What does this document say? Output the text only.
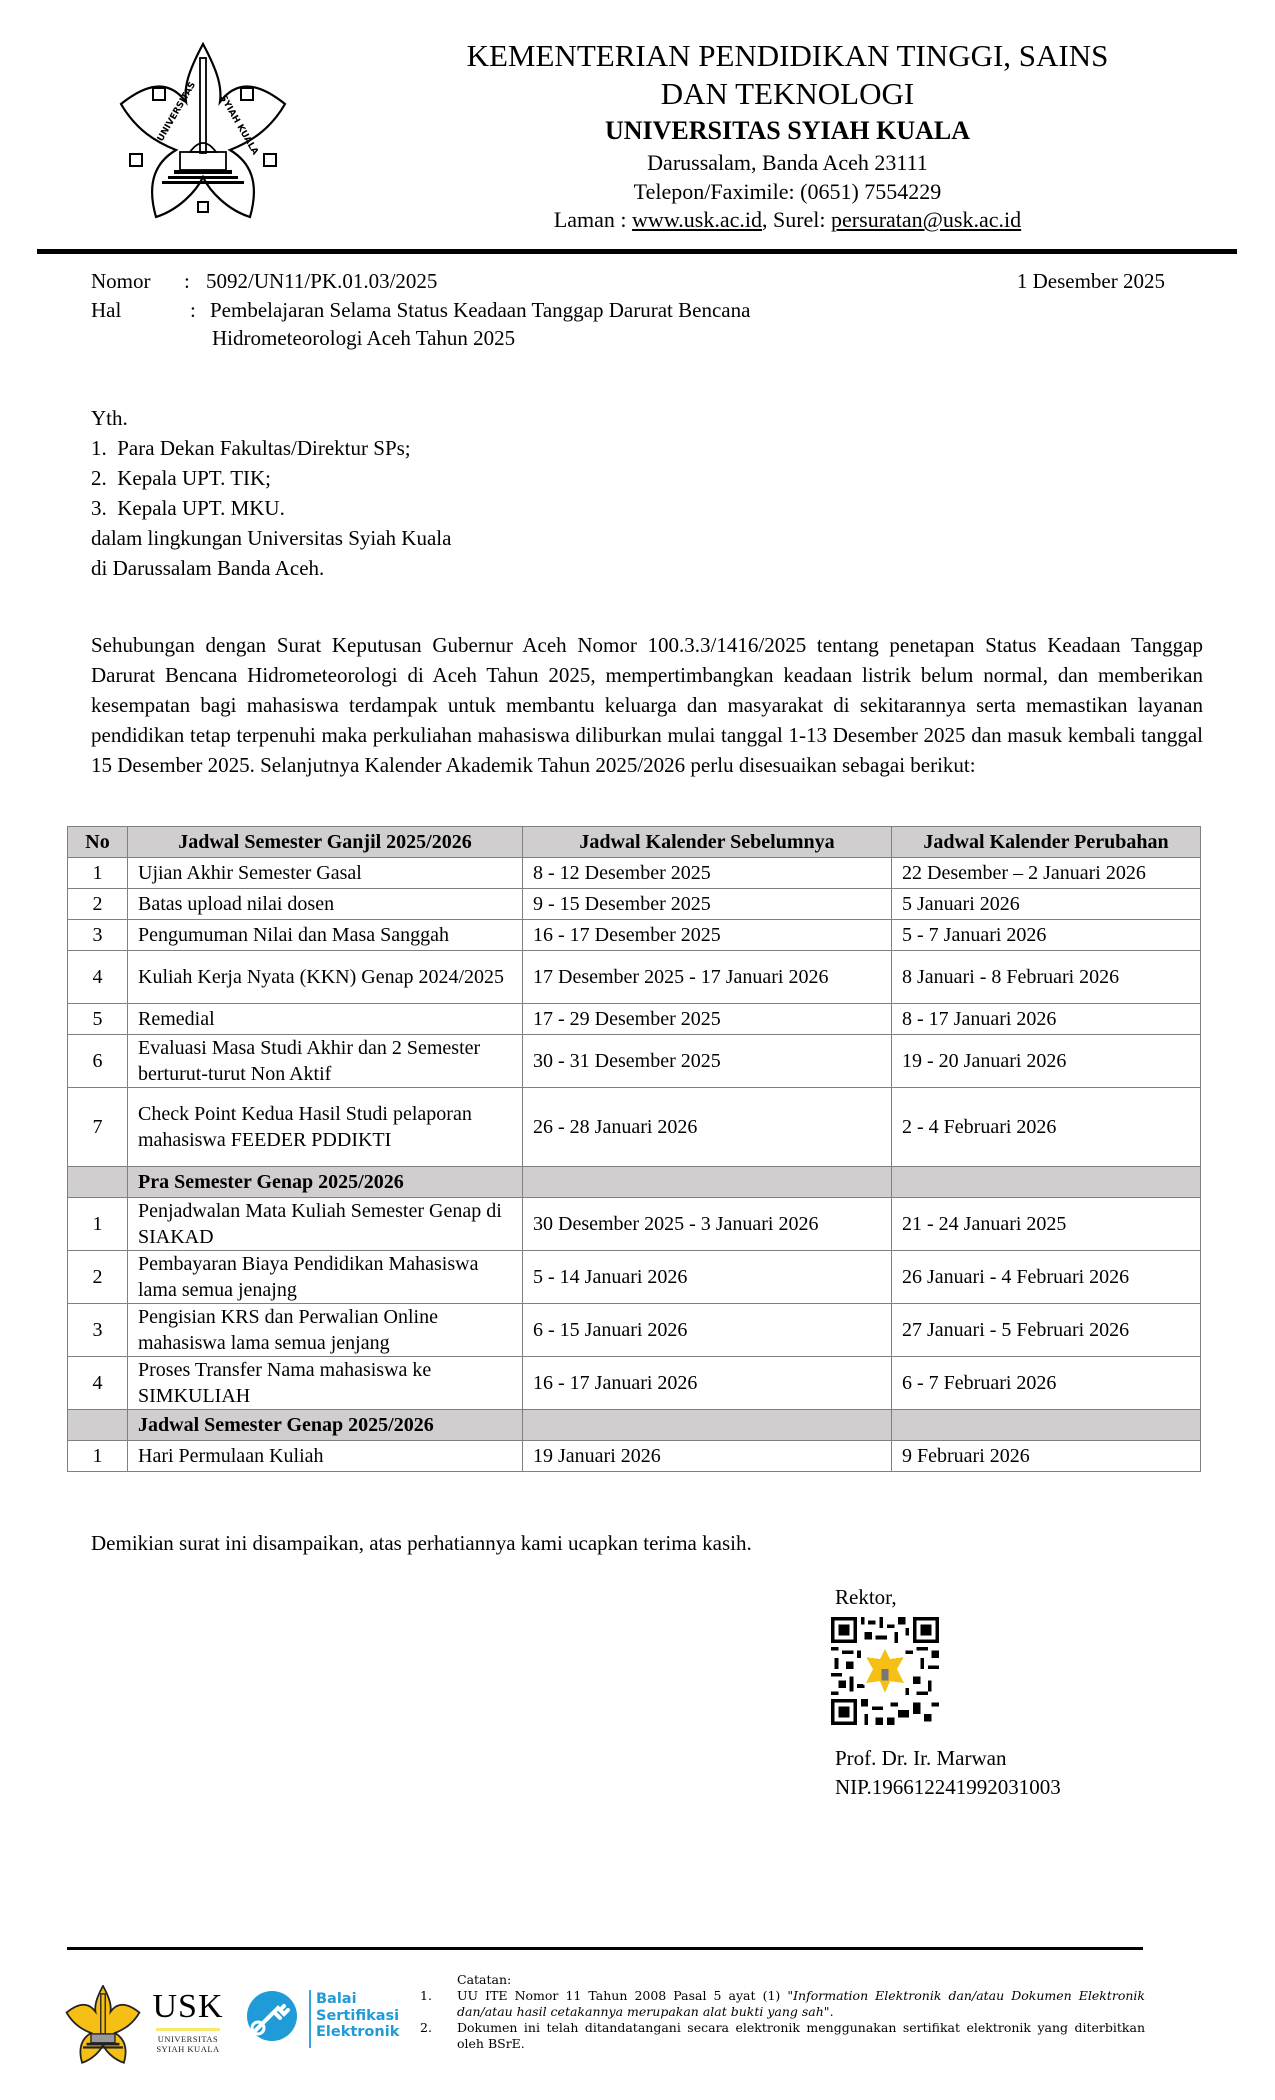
UNIVERSITAS SYIAH KUALA
KEMENTERIAN PENDIDIKAN TINGGI, SAINS
DAN TEKNOLOGI
UNIVERSITAS SYIAH KUALA
Darussalam, Banda Aceh 23111
Telepon/Faximile: (0651) 7554229
Laman : www.usk.ac.id, Surel: persuratan@usk.ac.id
Nomor : 5092/UN11/PK.01.03/2025	1 Desember 2025
Hal	: Pembelajaran Selama Status Keadaan Tanggap Darurat Bencana
Hidrometeorologi Aceh Tahun 2025
Yth.
1. Para Dekan Fakultas/Direktur SPs;
2. Kepala UPT. TIK;
3. Kepala UPT. MKU.
dalam lingkungan Universitas Syiah Kuala
di Darussalam Banda Aceh.
Sehubungan dengan Surat Keputusan Gubernur Aceh Nomor 100.3.3/1416/2025 tentang penetapan Status Keadaan Tanggap Darurat Bencana Hidrometeorologi di Aceh Tahun 2025, mempertimbangkan keadaan listrik belum normal, dan memberikan kesempatan bagi mahasiswa terdampak untuk membantu keluarga dan masyarakat di sekitarannya serta memastikan layanan pendidikan tetap terpenuhi maka perkuliahan mahasiswa diliburkan mulai tanggal 1-13 Desember 2025 dan masuk kembali tanggal 15 Desember 2025. Selanjutnya Kalender Akademik Tahun 2025/2026 perlu disesuaikan sebagai berikut:
No	Jadwal Semester Ganjil 2025/2026	Jadwal Kalender Sebelumnya	Jadwal Kalender Perubahan
1	Ujian Akhir Semester Gasal	8 - 12 Desember 2025	22 Desember – 2 Januari 2026
2	Batas upload nilai dosen	9 - 15 Desember 2025	5 Januari 2026
3	Pengumuman Nilai dan Masa Sanggah	16 - 17 Desember 2025	5 - 7 Januari 2026
4	Kuliah Kerja Nyata (KKN) Genap 2024/2025	17 Desember 2025 - 17 Januari 2026	8 Januari - 8 Februari 2026
5	Remedial	17 - 29 Desember 2025	8 - 17 Januari 2026
6	Evaluasi Masa Studi Akhir dan 2 Semester berturut-turut Non Aktif	30 - 31 Desember 2025	19 - 20 Januari 2026
7	Check Point Kedua Hasil Studi pelaporan mahasiswa FEEDER PDDIKTI	26 - 28 Januari 2026	2 - 4 Februari 2026
	Pra Semester Genap 2025/2026		
1	Penjadwalan Mata Kuliah Semester Genap di SIAKAD	30 Desember 2025 - 3 Januari 2026	21 - 24 Januari 2025
2	Pembayaran Biaya Pendidikan Mahasiswa lama semua jenajng	5 - 14 Januari 2026	26 Januari - 4 Februari 2026
3	Pengisian KRS dan Perwalian Online mahasiswa lama semua jenjang	6 - 15 Januari 2026	27 Januari - 5 Februari 2026
4	Proses Transfer Nama mahasiswa ke SIMKULIAH	16 - 17 Januari 2026	6 - 7 Februari 2026
	Jadwal Semester Genap 2025/2026		
1	Hari Permulaan Kuliah	19 Januari 2026	9 Februari 2026
Demikian surat ini disampaikan, atas perhatiannya kami ucapkan terima kasih.
Rektor,
Prof. Dr. Ir. Marwan
NIP.196612241992031003
USK
UNIVERSITAS
SYIAH KUALA
Balai
Sertifikasi
Elektronik
Catatan:
1.	UU ITE Nomor 11 Tahun 2008 Pasal 5 ayat (1) "Information Elektronik dan/atau Dokumen Elektronik dan/atau hasil cetakannya merupakan alat bukti yang sah".
2.	Dokumen ini telah ditandatangani secara elektronik menggunakan sertifikat elektronik yang diterbitkan oleh BSrE.
